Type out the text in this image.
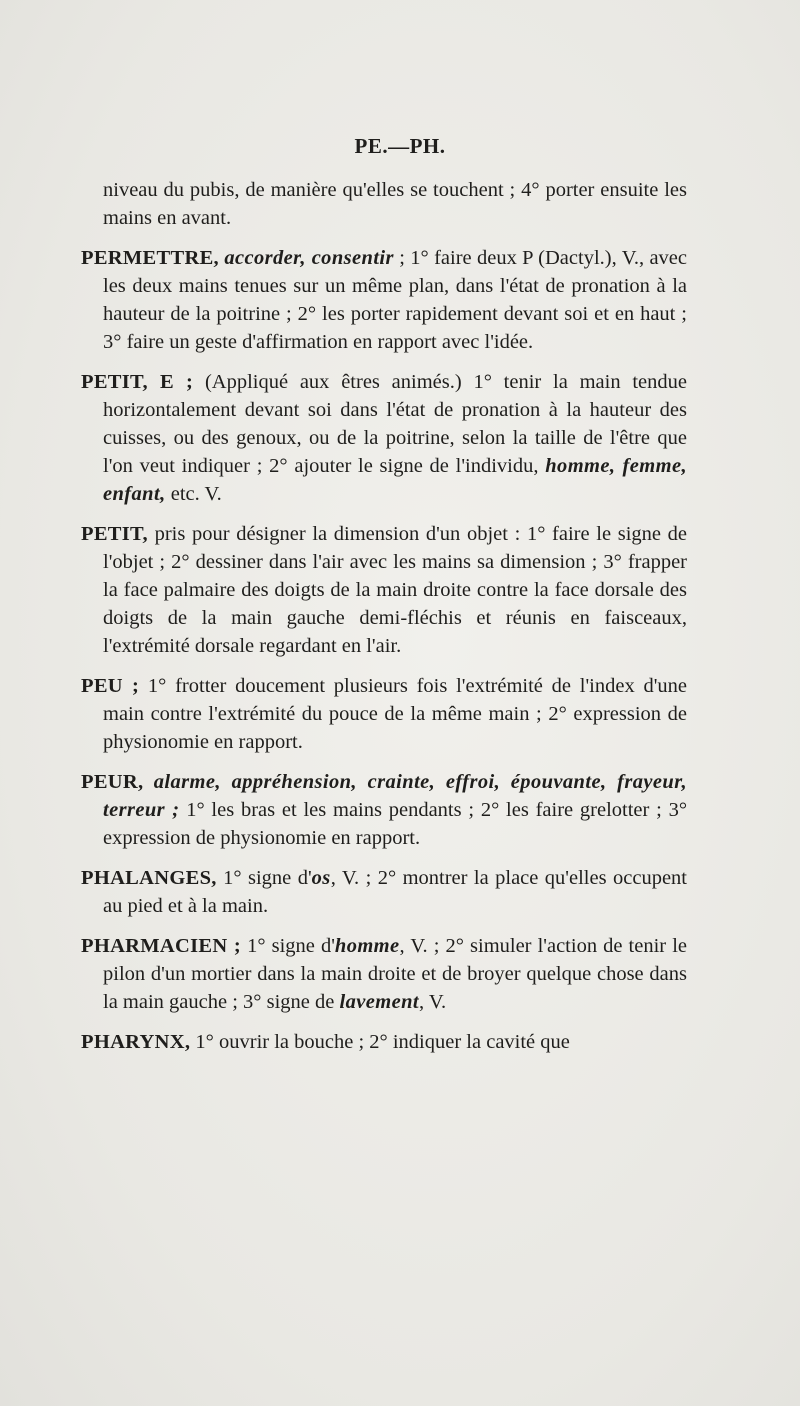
PE.—PH.

niveau du pubis, de manière qu'elles se touchent ; 4° porter ensuite les mains en avant.

PERMETTRE, accorder, consentir ; 1° faire deux P (Dactyl.), V., avec les deux mains tenues sur un même plan, dans l'état de pronation à la hauteur de la poitrine ; 2° les porter rapidement devant soi et en haut ; 3° faire un geste d'affirmation en rapport avec l'idée.

PETIT, E ; (Appliqué aux êtres animés.) 1° tenir la main tendue horizontalement devant soi dans l'état de pronation à la hauteur des cuisses, ou des genoux, ou de la poitrine, selon la taille de l'être que l'on veut indiquer ; 2° ajouter le signe de l'individu, homme, femme, enfant, etc. V.

PETIT, pris pour désigner la dimension d'un objet : 1° faire le signe de l'objet ; 2° dessiner dans l'air avec les mains sa dimension ; 3° frapper la face palmaire des doigts de la main droite contre la face dorsale des doigts de la main gauche demi-fléchis et réunis en faisceaux, l'extrémité dorsale regardant en l'air.

PEU ; 1° frotter doucement plusieurs fois l'extrémité de l'index d'une main contre l'extrémité du pouce de la même main ; 2° expression de physionomie en rapport.

PEUR, alarme, appréhension, crainte, effroi, épouvante, frayeur, terreur ; 1° les bras et les mains pendants ; 2° les faire grelotter ; 3° expression de physionomie en rapport.

PHALANGES, 1° signe d'os, V. ; 2° montrer la place qu'elles occupent au pied et à la main.

PHARMACIEN ; 1° signe d'homme, V. ; 2° simuler l'action de tenir le pilon d'un mortier dans la main droite et de broyer quelque chose dans la main gauche ; 3° signe de lavement, V.

PHARYNX, 1° ouvrir la bouche ; 2° indiquer la cavité que
